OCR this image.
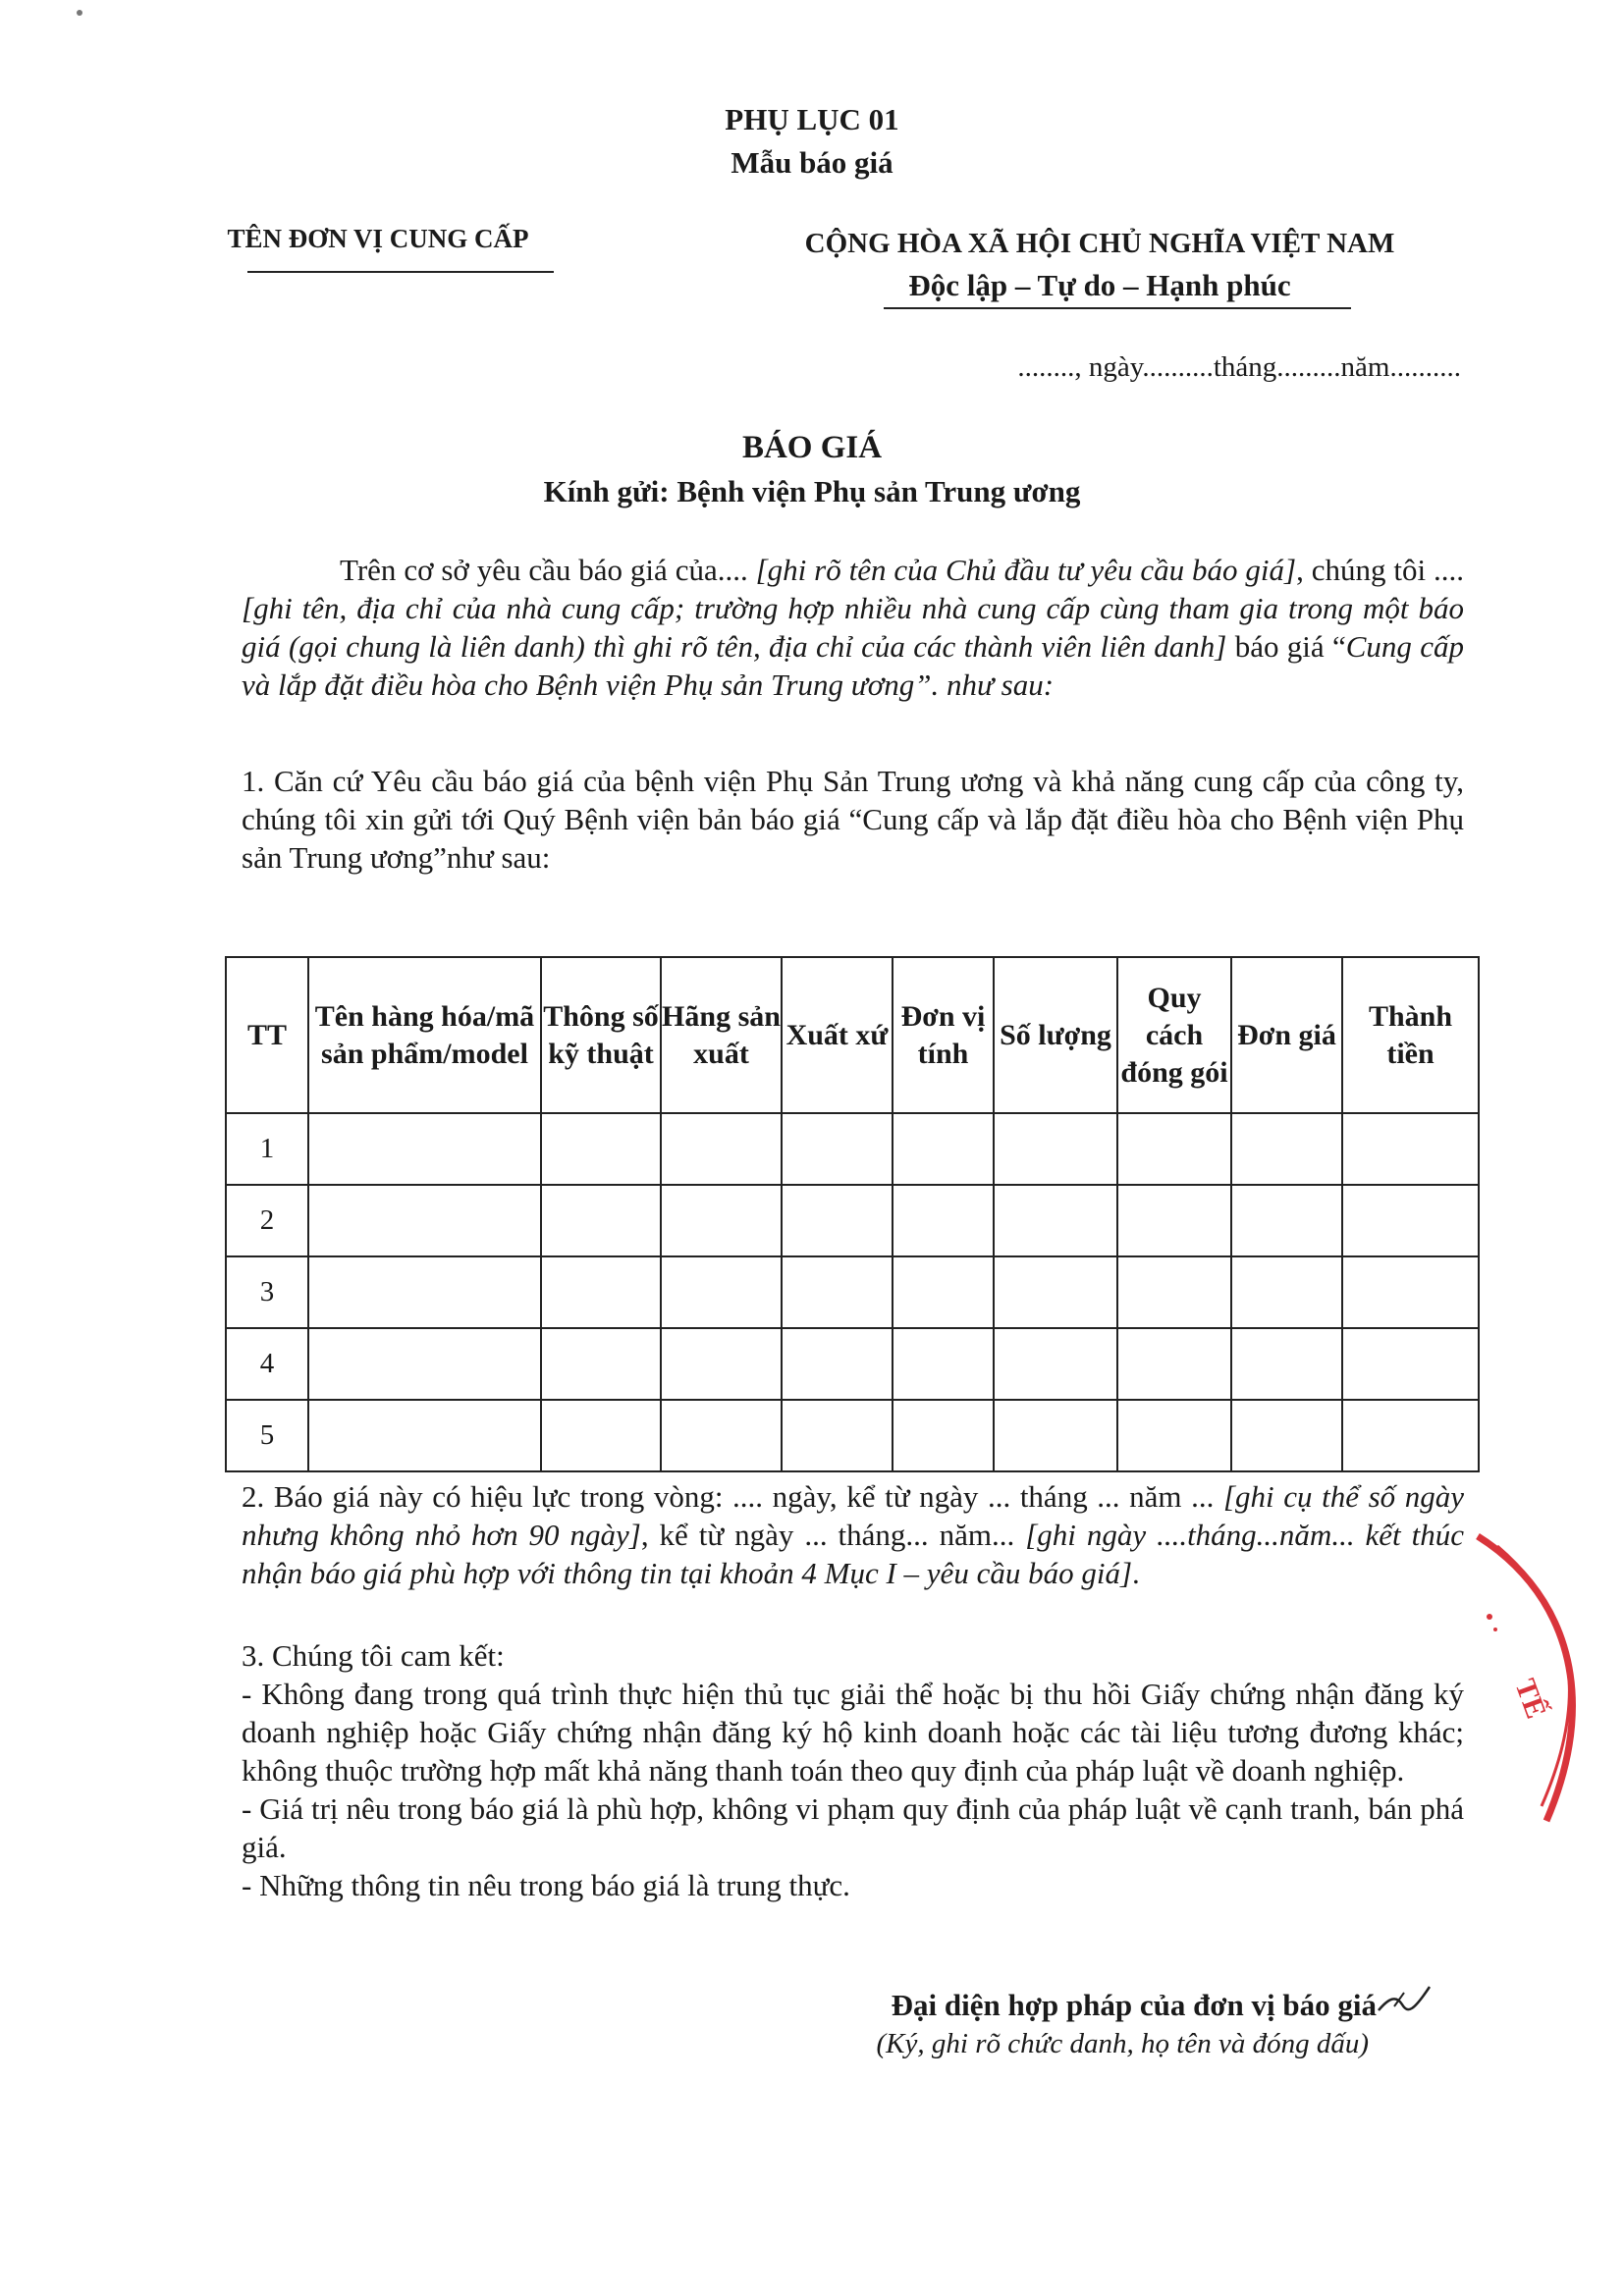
PHỤ LỤC 01
Mẫu báo giá
TÊN ĐƠN VỊ CUNG CẤP	CỘNG HÒA XÃ HỘI CHỦ NGHĨA VIỆT NAM
Độc lập – Tự do – Hạnh phúc
........, ngày..........tháng.........năm..........
BÁO GIÁ
Kính gửi: Bệnh viện Phụ sản Trung ương
Trên cơ sở yêu cầu báo giá của.... [ghi rõ tên của Chủ đầu tư yêu cầu báo giá], chúng tôi .... [ghi tên, địa chỉ của nhà cung cấp; trường hợp nhiều nhà cung cấp cùng tham gia trong một báo giá (gọi chung là liên danh) thì ghi rõ tên, địa chỉ của các thành viên liên danh] báo giá “Cung cấp và lắp đặt điều hòa cho Bệnh viện Phụ sản Trung ương”. như sau:
1. Căn cứ Yêu cầu báo giá của bệnh viện Phụ Sản Trung ương và khả năng cung cấp của công ty, chúng tôi xin gửi tới Quý Bệnh viện bản báo giá “Cung cấp và lắp đặt điều hòa cho Bệnh viện Phụ sản Trung ương”như sau:
TT	Tên hàng hóa/mã sản phẩm/model	Thông số kỹ thuật	Hãng sản xuất	Xuất xứ	Đơn vị tính	Số lượng	Quy cách đóng gói	Đơn giá	Thành tiền
1									
2									
3									
4									
5									
2. Báo giá này có hiệu lực trong vòng: .... ngày, kể từ ngày ... tháng ... năm ... [ghi cụ thể số ngày nhưng không nhỏ hơn 90 ngày], kể từ ngày ... tháng... năm... [ghi ngày ....tháng...năm... kết thúc nhận báo giá phù hợp với thông tin tại khoản 4 Mục I – yêu cầu báo giá].
3. Chúng tôi cam kết:
- Không đang trong quá trình thực hiện thủ tục giải thể hoặc bị thu hồi Giấy chứng nhận đăng ký doanh nghiệp hoặc Giấy chứng nhận đăng ký hộ kinh doanh hoặc các tài liệu tương đương khác; không thuộc trường hợp mất khả năng thanh toán theo quy định của pháp luật về doanh nghiệp.
- Giá trị nêu trong báo giá là phù hợp, không vi phạm quy định của pháp luật về cạnh tranh, bán phá giá.
- Những thông tin nêu trong báo giá là trung thực.
Đại diện hợp pháp của đơn vị báo giá
(Ký, ghi rõ chức danh, họ tên và đóng dấu)
TẾ
